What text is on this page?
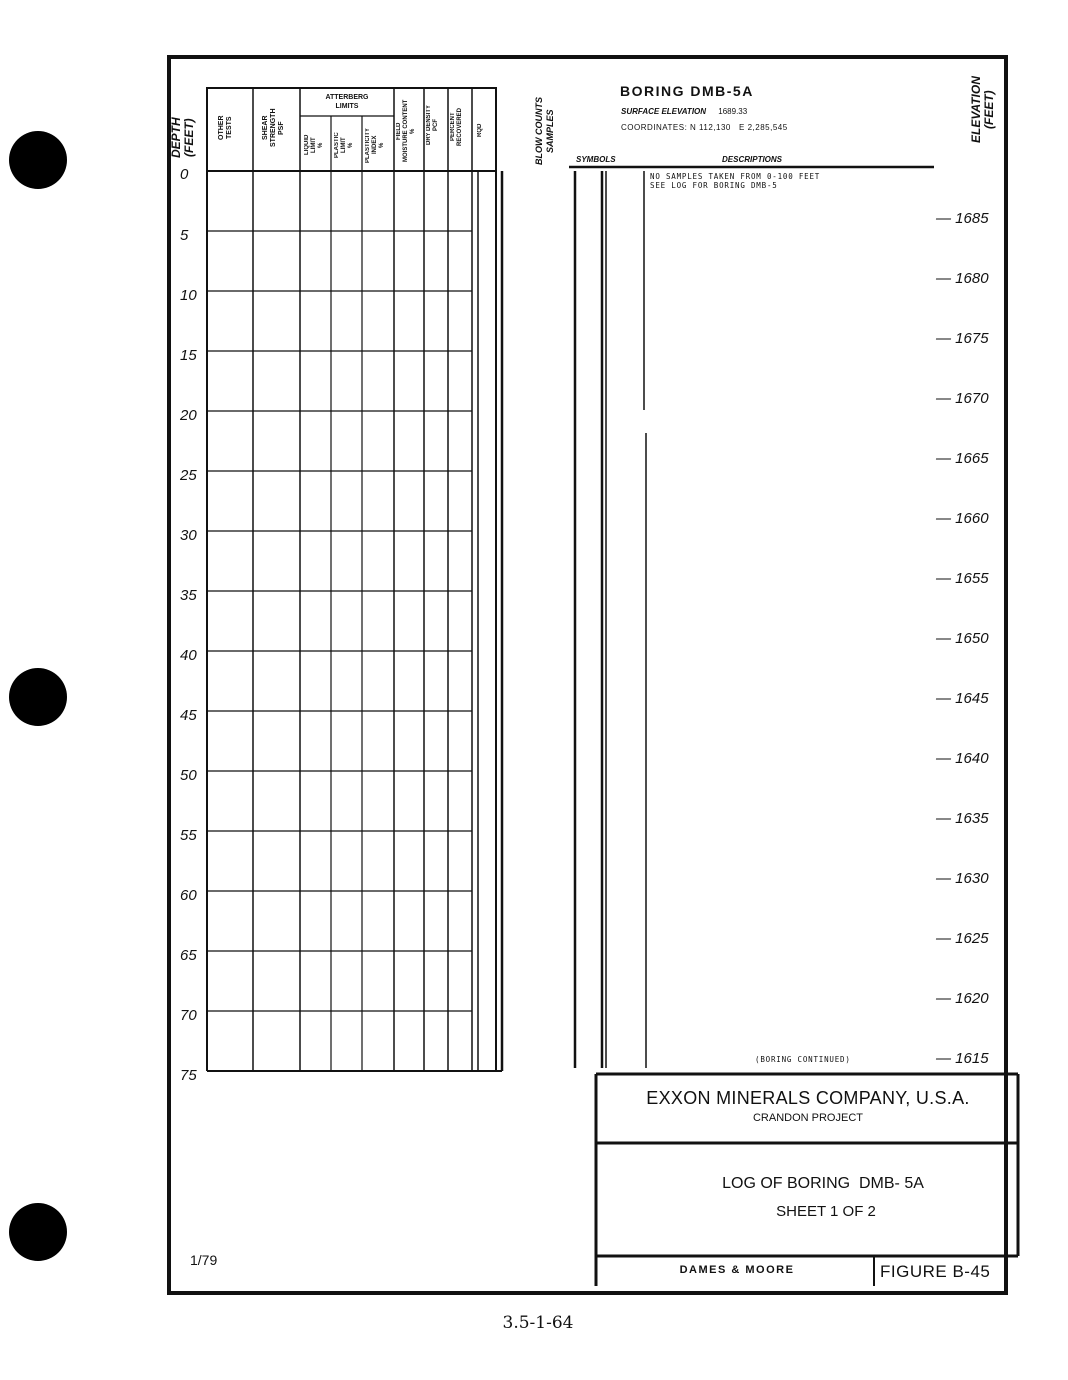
DEPTH
(FEET)	ELEVATION
(FEET)
OTHER
TESTS	SHEAR
STRENGTH
PSF
ATTERBERG
LIMITS
LIQUID
LIMIT
%	PLASTIC
LIMIT
%	PLASTICITY
INDEX
%
FIELD
MOISTURE CONTENT
%
DRY DENSITY
PCF	PERCENT
RECOVERED	RQD
BLOW COUNTS
SAMPLES
BORING DMB-5A
SURFACE ELEVATION 1689.33
COORDINATES: N 112,130   E 2,285,545
SYMBOLS	DESCRIPTIONS
NO SAMPLES TAKEN FROM 0-100 FEET
SEE LOG FOR BORING DMB-5
(BORING CONTINUED)
0
5
10
15
20
25
30
35
40
45
50
55
60
65
70
75
— 1685
— 1680
— 1675
— 1670
— 1665
— 1660
— 1655
— 1650
— 1645
— 1640
— 1635
— 1630
— 1625
— 1620
— 1615
EXXON MINERALS COMPANY, U.S.A.
CRANDON PROJECT
LOG OF BORING  DMB- 5A
SHEET 1 OF 2
DAMES & MOORE	FIGURE B-45
1/79
3.5-1-64
